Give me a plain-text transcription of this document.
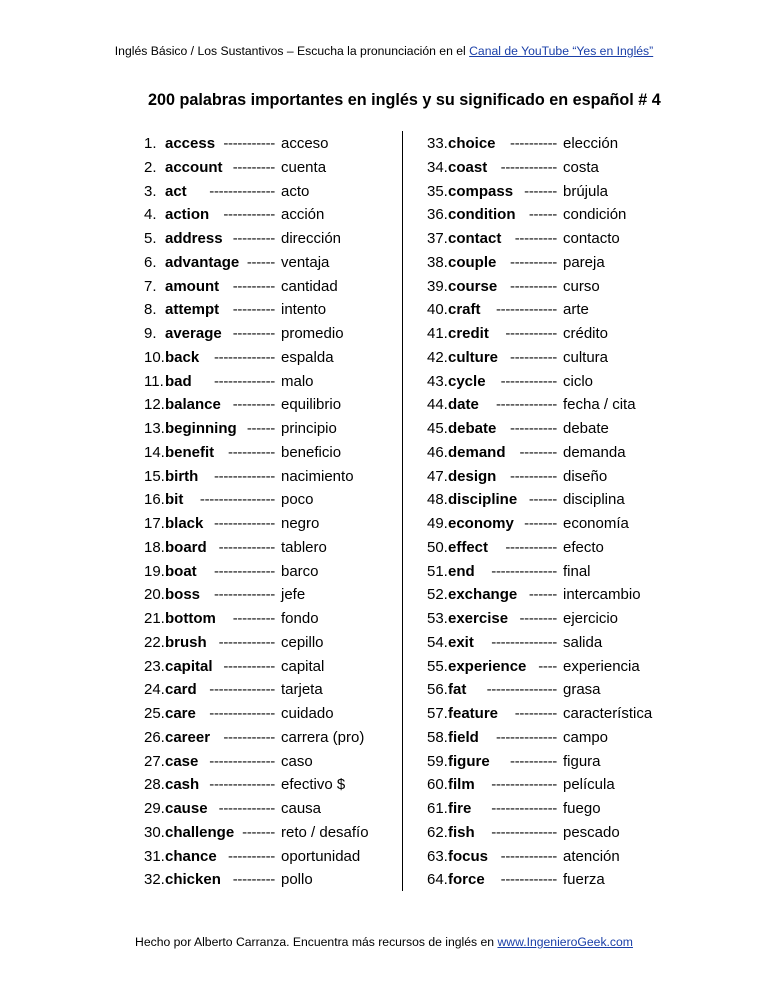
Inglés Básico / Los Sustantivos – Escucha la pronunciación en el Canal de YouTube “Yes en Inglés”
200 palabras importantes en inglés y su significado en español # 4
1. access ----------- acceso
2. account --------- cuenta
3. act	-------------- acto
4. action ----------- acción
5. address --------- dirección
6. advantage ------ ventaja
7. amount --------- cantidad
8. attempt --------- intento
9. average --------- promedio
10. back ------------- espalda
11. bad	------------- malo
12. balance --------- equilibrio
13. beginning ------ principio
14. benefit ---------- beneficio
15. birth	------------- nacimiento
16. bit	---------------- poco
17. black ------------- negro
18. board ------------ tablero
19. boat	------------- barco
20. boss ------------- jefe
21. bottom	--------- fondo
22. brush ------------ cepillo
23. capital ----------- capital
24. card -------------- tarjeta
25. care -------------- cuidado
26. career ----------- carrera (pro)
27. case -------------- caso
28. cash -------------- efectivo $
29. cause ------------ causa
30. challenge ------- reto / desafío
31. chance ---------- oportunidad
32. chicken --------- pollo
33. choice ---------- elección
34. coast ------------ costa
35. compass ------- brújula
36. condition ------ condición
37. contact --------- contacto
38. couple ---------- pareja
39. course ---------- curso
40. craft	------------- arte
41. credit	----------- crédito
42. culture ---------- cultura
43. cycle	------------ ciclo
44. date	------------- fecha / cita
45. debate ---------- debate
46. demand -------- demanda
47. design ---------- diseño
48. discipline ------ disciplina
49. economy ------- economía
50. effect	----------- efecto
51. end	-------------- final
52. exchange ------ intercambio
53. exercise -------- ejercicio
54. exit	-------------- salida
55. experience ---- experiencia
56. fat	--------------- grasa
57. feature	--------- característica
58. field	------------- campo
59. figure	---------- figura
60. film	-------------- película
61. fire	-------------- fuego
62. fish	-------------- pescado
63. focus ------------ atención
64. force	------------ fuerza
Hecho por Alberto Carranza. Encuentra más recursos de inglés en www.IngenieroGeek.com
